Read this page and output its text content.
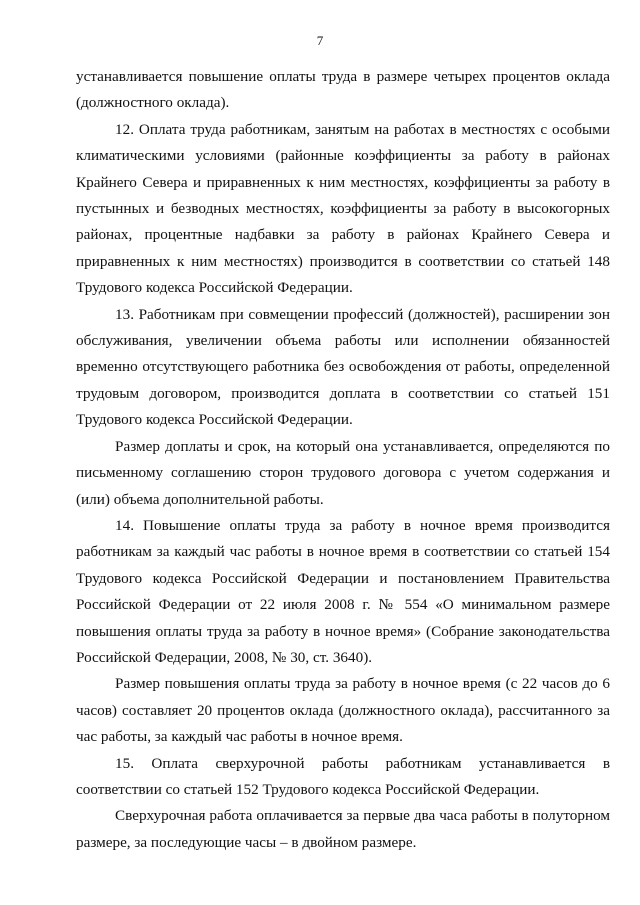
7

устанавливается повышение оплаты труда в размере четырех процентов оклада (должностного оклада).

12. Оплата труда работникам, занятым на работах в местностях с особыми климатическими условиями (районные коэффициенты за работу в районах Крайнего Севера и приравненных к ним местностях, коэффициенты за работу в пустынных и безводных местностях, коэффициенты за работу в высокогорных районах, процентные надбавки за работу в районах Крайнего Севера и приравненных к ним местностях) производится в соответствии со статьей 148 Трудового кодекса Российской Федерации.

13. Работникам при совмещении профессий (должностей), расширении зон обслуживания, увеличении объема работы или исполнении обязанностей временно отсутствующего работника без освобождения от работы, определенной трудовым договором, производится доплата в соответствии со статьей 151 Трудового кодекса Российской Федерации.

Размер доплаты и срок, на который она устанавливается, определяются по письменному соглашению сторон трудового договора с учетом содержания и (или) объема дополнительной работы.

14. Повышение оплаты труда за работу в ночное время производится работникам за каждый час работы в ночное время в соответствии со статьей 154 Трудового кодекса Российской Федерации и постановлением Правительства Российской Федерации от 22 июля 2008 г. № 554 «О минимальном размере повышения оплаты труда за работу в ночное время» (Собрание законодательства Российской Федерации, 2008, № 30, ст. 3640).

Размер повышения оплаты труда за работу в ночное время (с 22 часов до 6 часов) составляет 20 процентов оклада (должностного оклада), рассчитанного за час работы, за каждый час работы в ночное время.

15. Оплата сверхурочной работы работникам устанавливается в соответствии со статьей 152 Трудового кодекса Российской Федерации.

Сверхурочная работа оплачивается за первые два часа работы в полуторном размере, за последующие часы – в двойном размере.
